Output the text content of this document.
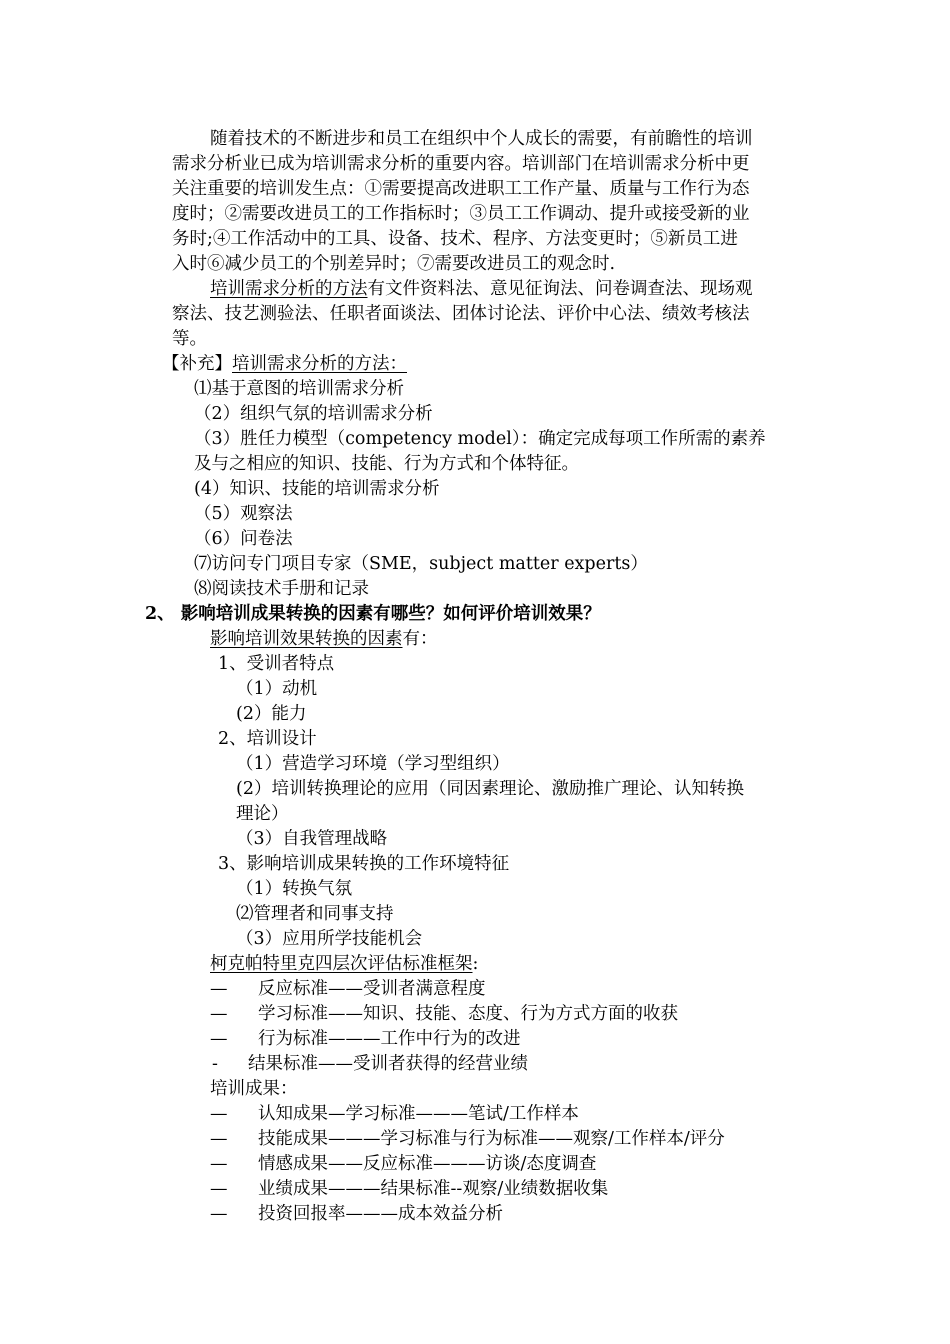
随着技术的不断进步和员工在组织中个人成长的需要，有前瞻性的培训
需求分析业已成为培训需求分析的重要内容。培训部门在培训需求分析中更
关注重要的培训发生点：①需要提高改进职工工作产量、质量与工作行为态
度时；②需要改进员工的工作指标时；③员工工作调动、提升或接受新的业
务时;④工作活动中的工具、设备、技术、程序、方法变更时；⑤新员工进
入时⑥减少员工的个别差异时；⑦需要改进员工的观念时.
培训需求分析的方法有文件资料法、意见征询法、问卷调查法、现场观
察法、技艺测验法、任职者面谈法、团体讨论法、评价中心法、绩效考核法
等。
【补充】培训需求分析的方法：
⑴基于意图的培训需求分析
（2）组织气氛的培训需求分析
（3）胜任力模型（competency model）：确定完成每项工作所需的素养
及与之相应的知识、技能、行为方式和个体特征。
(4）知识、技能的培训需求分析
（5）观察法
（6）问卷法
⑺访问专门项目专家（SME，subject matter experts）
⑻阅读技术手册和记录
2、 影响培训成果转换的因素有哪些？如何评价培训效果？
影响培训效果转换的因素有：
1、受训者特点
（1）动机
(2）能力
2、培训设计
（1）营造学习环境（学习型组织）
(2）培训转换理论的应用（同因素理论、激励推广理论、认知转换
理论）
（3）自我管理战略
3、影响培训成果转换的工作环境特征
（1）转换气氛
⑵管理者和同事支持
（3）应用所学技能机会
柯克帕特里克四层次评估标准框架:
— 反应标准——受训者满意程度
— 学习标准——知识、技能、态度、行为方式方面的收获
— 行为标准———工作中行为的改进
- 结果标准——受训者获得的经营业绩
培训成果：
— 认知成果—学习标准———笔试/工作样本
— 技能成果———学习标准与行为标准——观察/工作样本/评分
— 情感成果——反应标准———访谈/态度调查
— 业绩成果———结果标准--观察/业绩数据收集
— 投资回报率———成本效益分析
